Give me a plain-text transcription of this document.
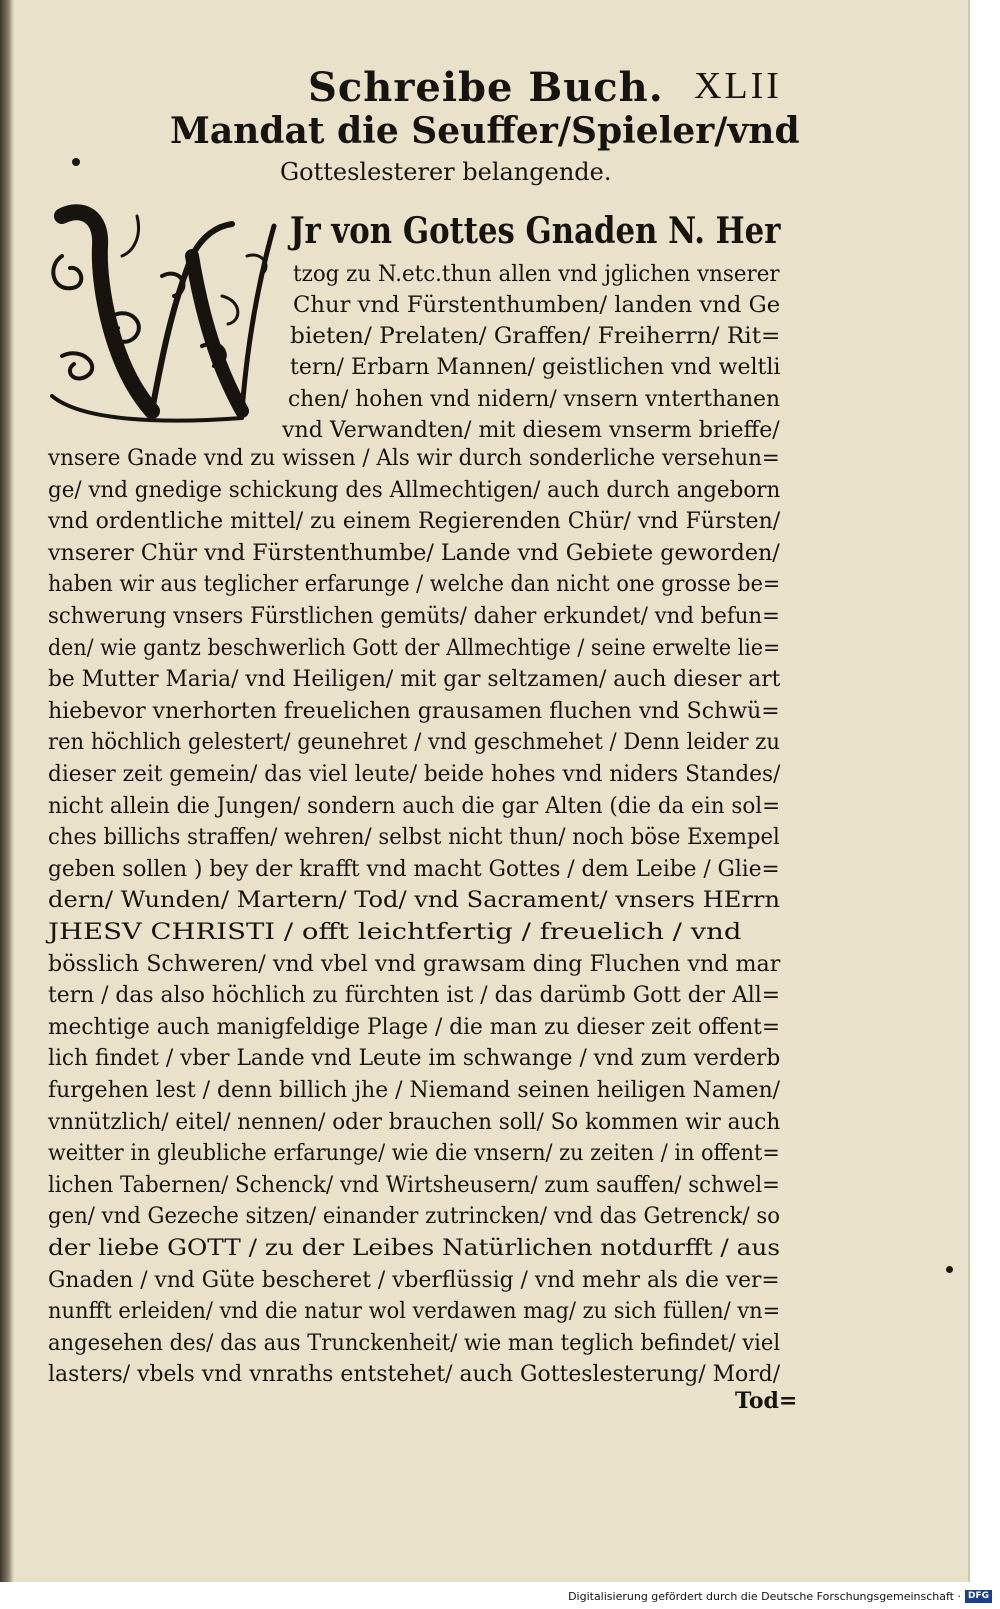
Schreibe Buch. XLII
Mandat die Seuffer/Spieler/vnd
Gotteslesterer belangende.
Jr von Gottes Gnaden N. Her
tzog zu N.etc.thun allen vnd jglichen vnserer
Chur vnd Fürstenthumben/ landen vnd Ge
bieten/ Prelaten/ Graffen/ Freiherrn/ Rit=
tern/ Erbarn Mannen/ geistlichen vnd weltli
chen/ hohen vnd nidern/ vnsern vnterthanen
vnd Verwandten/ mit diesem vnserm brieffe/
vnsere Gnade vnd zu wissen / Als wir durch sonderliche versehun=
ge/ vnd gnedige schickung des Allmechtigen/ auch durch angeborn
vnd ordentliche mittel/ zu einem Regierenden Chür/ vnd Fürsten/
vnserer Chür vnd Fürstenthumbe/ Lande vnd Gebiete geworden/
haben wir aus teglicher erfarunge / welche dan nicht one grosse be=
schwerung vnsers Fürstlichen gemüts/ daher erkundet/ vnd befun=
den/ wie gantz beschwerlich Gott der Allmechtige / seine erwelte lie=
be Mutter Maria/ vnd Heiligen/ mit gar seltzamen/ auch dieser art
hiebevor vnerhorten freuelichen grausamen fluchen vnd Schwü=
ren höchlich gelestert/ geunehret / vnd geschmehet / Denn leider zu
dieser zeit gemein/ das viel leute/ beide hohes vnd niders Standes/
nicht allein die Jungen/ sondern auch die gar Alten (die da ein sol=
ches billichs straffen/ wehren/ selbst nicht thun/ noch böse Exempel
geben sollen ) bey der krafft vnd macht Gottes / dem Leibe / Glie=
dern/ Wunden/ Martern/ Tod/ vnd Sacrament/ vnsers HErrn
JHESV CHRISTI / offt leichtfertig / freuelich / vnd
bösslich Schweren/ vnd vbel vnd grawsam ding Fluchen vnd mar
tern / das also höchlich zu fürchten ist / das darümb Gott der All=
mechtige auch manigfeldige Plage / die man zu dieser zeit offent=
lich findet / vber Lande vnd Leute im schwange / vnd zum verderb
furgehen lest / denn billich jhe / Niemand seinen heiligen Namen/
vnnützlich/ eitel/ nennen/ oder brauchen soll/ So kommen wir auch
weitter in gleubliche erfarunge/ wie die vnsern/ zu zeiten / in offent=
lichen Tabernen/ Schenck/ vnd Wirtsheusern/ zum sauffen/ schwel=
gen/ vnd Gezeche sitzen/ einander zutrincken/ vnd das Getrenck/ so
der liebe GOTT / zu der Leibes Natürlichen notdurfft / aus
Gnaden / vnd Güte bescheret / vberflüssig / vnd mehr als die ver=
nunfft erleiden/ vnd die natur wol verdawen mag/ zu sich füllen/ vn=
angesehen des/ das aus Trunckenheit/ wie man teglich befindet/ viel
lasters/ vbels vnd vnraths entstehet/ auch Gotteslesterung/ Mord/
Tod=
Digitalisierung gefördert durch die Deutsche Forschungsgemeinschaft · DFG
